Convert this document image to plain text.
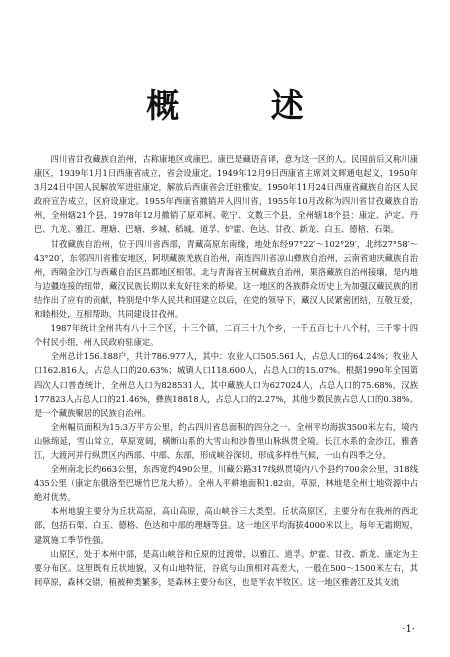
概 述

四川省甘孜藏族自治州，古称康地区或康巴。康巴是藏语音译，意为这一区的人。民国前后又称川康康区，1939年1月1日西康省成立，省会设康定。1949年12月9日西康省主席刘文辉通电起义，1950年3月24日中国人民解放军进驻康定，解放后西康省会迁驻雅安。1950年11月24日西康省藏族自治区人民政府宣告成立，区府设康定。1955年西康省撤销并入四川省，1955年10月改称为四川省甘孜藏族自治州，全州辖21个县，1978年12月撤销了原邓柯、乾宁、文数三个县，全州辖18个县：康定、泸定、丹巴、九龙、雅江、理塘、巴塘、乡城、稻城、道孚、炉霍、色达、甘孜、新龙、白玉、德格、石渠。

甘孜藏族自治州，位于四川省西部，青藏高原东南缘，地处东经97°22′～102°29′，北纬27°58′～43°20′，东邻四川省雅安地区，阿坝藏族羌族自治州，南连四川省凉山彝族自治州，云南省迪庆藏族自治州，西隔金沙江与西藏自治区昌都地区相邻。北与青海省玉树藏族自治州，果洛藏族自治州接壤，是内地与边疆连接的纽带，藏汉民族长期以来友好往来的桥梁。这一地区的各族群众历史上为加强汉藏民族的团结作出了应有的贡献，特别是中华人民共和国建立以后，在党的领导下，藏汉人民紧密团结，互敬互爱，和睦相处，互相帮助，共同建设甘孜州。

1987年统计全州共有八十三个区，十三个镇，二百三十九个乡，一千五百七十八个村，三千零十四个村民小组，州人民政府驻康定。

全州总计156.188户，共计786.977人，其中：农业人口505.561人，占总人口的64.24%；牧业人口162.816人，占总人口的20.63%；城镇人口118.600人，占总人口的15.07%。根据1990年全国第四次人口普查统计，全州总人口为828531人，其中藏族人口为627024人，占总人口的75.68%，汉族177823人占总人口的21.46%，彝族18818人，占总人口的2.27%，其他少数民族占总人口的0.38%。是一个藏族聚居的民族自治州。

全州幅员面积为15.3万平方公里，约占四川省总面积的四分之一。全州平均海拔3500米左右，境内山脉绵延，雪山耸立，草原宽阔，横断山系的大雪山和沙鲁里山脉纵贯全境。长江水系的金沙江，雅砻江，大渡河并行纵贯区内西部、中部、东部，形成峡谷深切，形成多样性气候，一山有四季之分。

全州南北长约663公里，东西宽约490公里，川藏公路317线纵贯境内八个县约700余公里，318线435公里（康定东俄洛至巴塘竹巴龙大桥）。全州人平耕地面积1.82亩，草原，林地是全州土地资源中占绝对优势。

本州地貌主要分为丘状高原，高山高原，高山峡谷三大类型。丘状高原区，主要分布在我州的西北部，包括石渠、白玉、德格、色达和中部的理塘等县。这一地区平均海拔4000米以上，每年无霜期短，建筑施工季节性强。

山原区，处于本州中部，是高山峡谷和丘原的过渡带，以雅江、道孚、炉霍、甘孜、新龙、康定为主要分布区。这里既有丘状地貌，又有山地特征，谷底与山顶相对高差大，一般在500～1500米左右，其间草原，森林交错，植被种类繁多，是森林主要分布区，也是半农半牧区。这一地区雅砻江及其支流

·1·
